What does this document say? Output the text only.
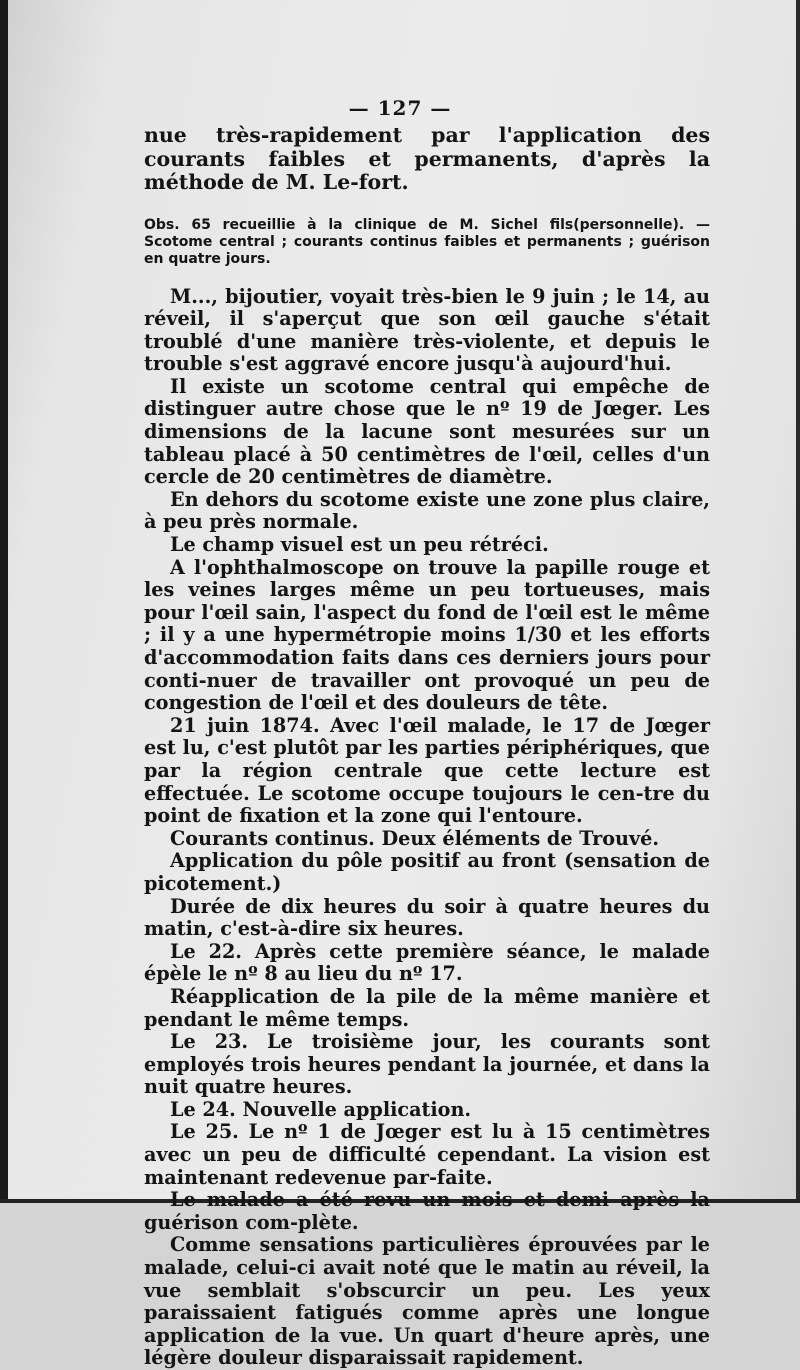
— 127 —

nue très-rapidement par l'application des courants faibles et permanents, d'après la méthode de M. Le-fort.

Obs. 65 recueillie à la clinique de M. Sichel fils(personnelle). — Scotome central ; courants continus faibles et permanents ; guérison en quatre jours.

M..., bijoutier, voyait très-bien le 9 juin ; le 14, au réveil, il s'aperçut que son œil gauche s'était troublé d'une manière très-violente, et depuis le trouble s'est aggravé encore jusqu'à aujourd'hui.

Il existe un scotome central qui empêche de distinguer autre chose que le nº 19 de Jœger. Les dimensions de la lacune sont mesurées sur un tableau placé à 50 centimètres de l'œil, celles d'un cercle de 20 centimètres de diamètre.

En dehors du scotome existe une zone plus claire, à peu près normale.

Le champ visuel est un peu rétréci.

A l'ophthalmoscope on trouve la papille rouge et les veines larges même un peu tortueuses, mais pour l'œil sain, l'aspect du fond de l'œil est le même ; il y a une hypermétropie moins 1/30 et les efforts d'accommodation faits dans ces derniers jours pour conti-nuer de travailler ont provoqué un peu de congestion de l'œil et des douleurs de tête.

21 juin 1874. Avec l'œil malade, le 17 de Jœger est lu, c'est plutôt par les parties périphériques, que par la région centrale que cette lecture est effectuée. Le scotome occupe toujours le cen-tre du point de fixation et la zone qui l'entoure.

Courants continus. Deux éléments de Trouvé.

Application du pôle positif au front (sensation de picotement.)

Durée de dix heures du soir à quatre heures du matin, c'est-à-dire six heures.

Le 22. Après cette première séance, le malade épèle le nº 8 au lieu du nº 17.

Réapplication de la pile de la même manière et pendant le même temps.

Le 23. Le troisième jour, les courants sont employés trois heures pendant la journée, et dans la nuit quatre heures.

Le 24. Nouvelle application.

Le 25. Le nº 1 de Jœger est lu à 15 centimètres avec un peu de difficulté cependant. La vision est maintenant redevenue par-faite.

Le malade a été revu un mois et demi après la guérison com-plète.

Comme sensations particulières éprouvées par le malade, celui-ci avait noté que le matin au réveil, la vue semblait s'obscurcir un peu. Les yeux paraissaient fatigués comme après une longue application de la vue. Un quart d'heure après, une légère douleur disparaissait rapidement.
